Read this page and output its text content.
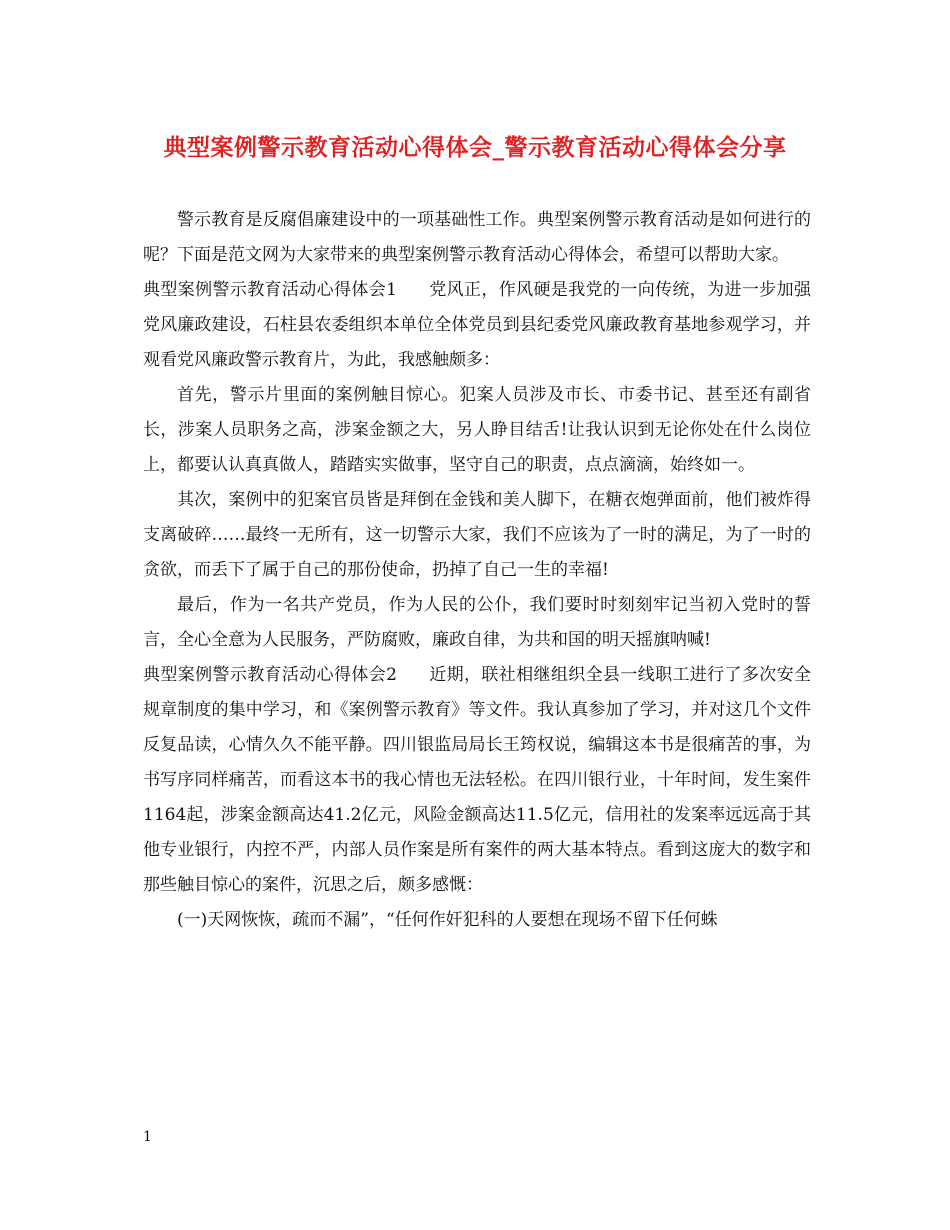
典型案例警示教育活动心得体会_警示教育活动心得体会分享

警示教育是反腐倡廉建设中的一项基础性工作。典型案例警示教育活动是如何进行的呢？下面是范文网为大家带来的典型案例警示教育活动心得体会，希望可以帮助大家。

典型案例警示教育活动心得体会1 党风正，作风硬是我党的一向传统，为进一步加强党风廉政建设，石柱县农委组织本单位全体党员到县纪委党风廉政教育基地参观学习，并观看党风廉政警示教育片，为此，我感触颇多：

首先，警示片里面的案例触目惊心。犯案人员涉及市长、市委书记、甚至还有副省长，涉案人员职务之高，涉案金额之大，另人睁目结舌!让我认识到无论你处在什么岗位上，都要认认真真做人，踏踏实实做事，坚守自己的职责，点点滴滴，始终如一。

其次，案例中的犯案官员皆是拜倒在金钱和美人脚下，在糖衣炮弹面前，他们被炸得支离破碎……最终一无所有，这一切警示大家，我们不应该为了一时的满足，为了一时的贪欲，而丢下了属于自己的那份使命，扔掉了自己一生的幸福!

最后，作为一名共产党员，作为人民的公仆，我们要时时刻刻牢记当初入党时的誓言，全心全意为人民服务，严防腐败，廉政自律，为共和国的明天摇旗呐喊!

典型案例警示教育活动心得体会2 近期，联社相继组织全县一线职工进行了多次安全规章制度的集中学习，和《案例警示教育》等文件。我认真参加了学习，并对这几个文件反复品读，心情久久不能平静。四川银监局局长王筠权说，编辑这本书是很痛苦的事，为书写序同样痛苦，而看这本书的我心情也无法轻松。在四川银行业，十年时间，发生案件1164起，涉案金额高达41.2亿元，风险金额高达11.5亿元，信用社的发案率远远高于其他专业银行，内控不严，内部人员作案是所有案件的两大基本特点。看到这庞大的数字和那些触目惊心的案件，沉思之后，颇多感慨：

(一)天网恢恢，疏而不漏”，“任何作奸犯科的人要想在现场不留下任何蛛

1
